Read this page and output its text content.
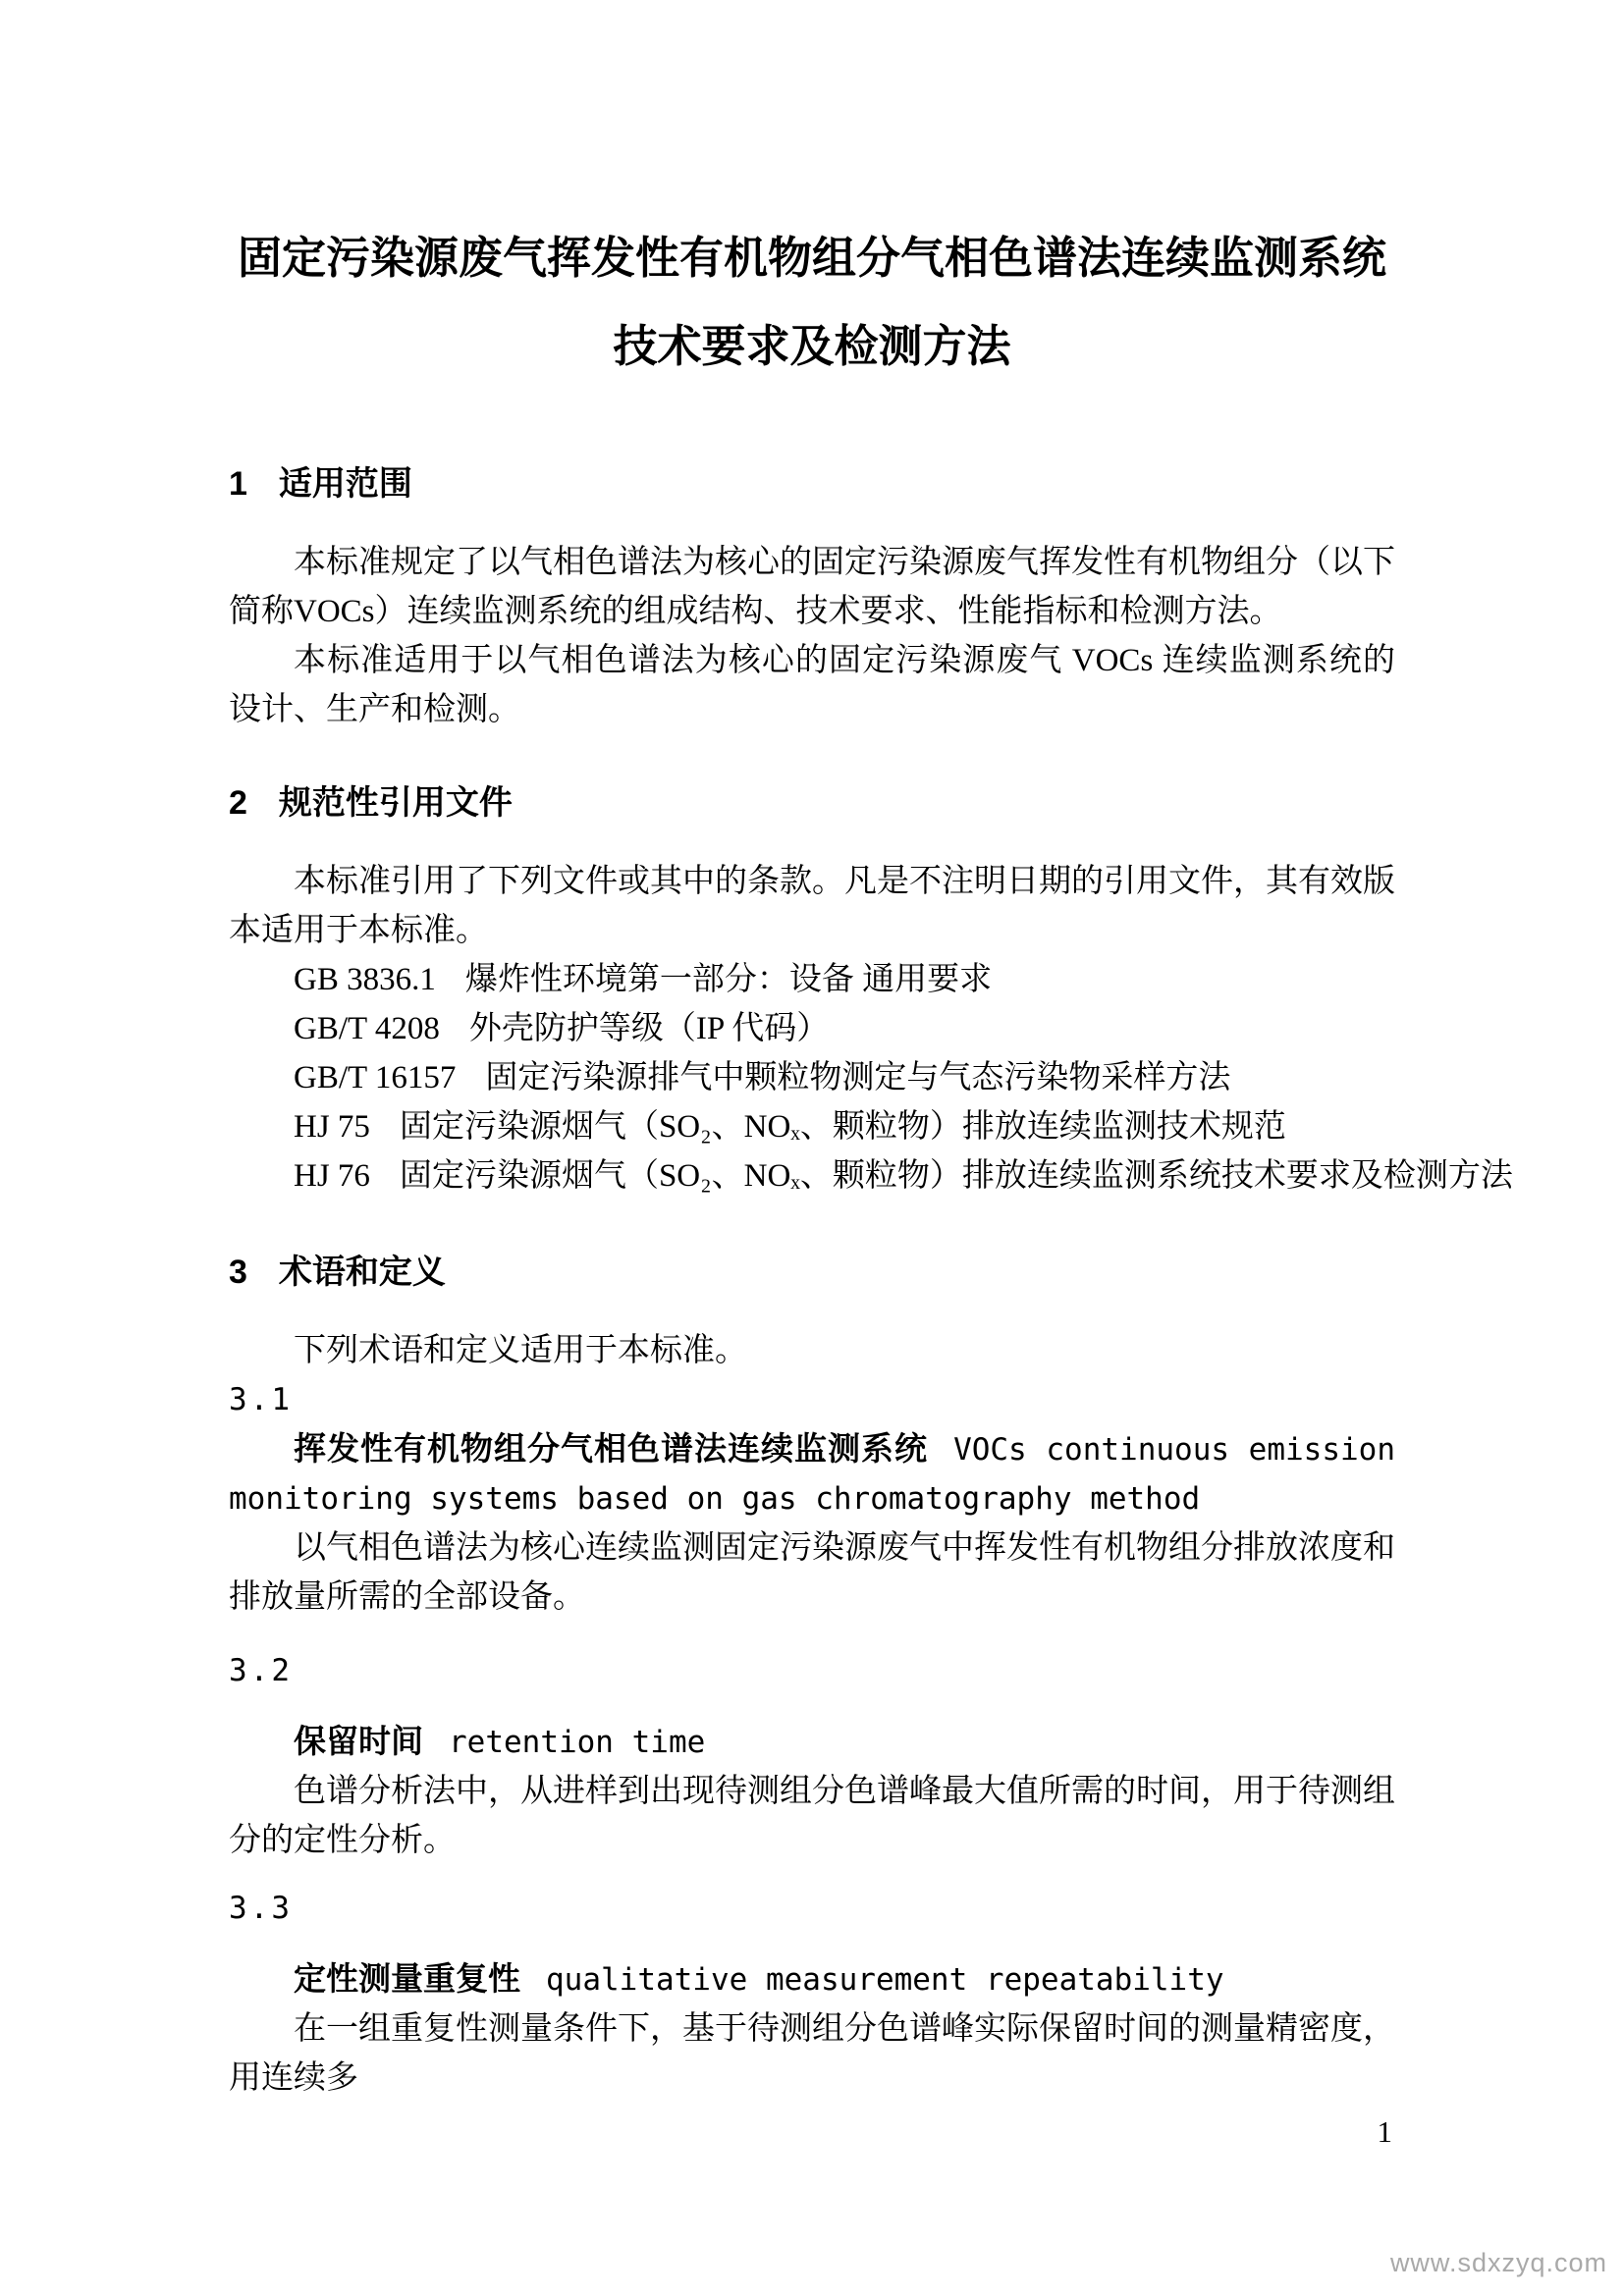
固定污染源废气挥发性有机物组分气相色谱法连续监测系统
技术要求及检测方法
1 适用范围

本标准规定了以气相色谱法为核心的固定污染源废气挥发性有机物组分（以下简称VOCs）连续监测系统的组成结构、技术要求、性能指标和检测方法。

本标准适用于以气相色谱法为核心的固定污染源废气 VOCs 连续监测系统的设计、生产和检测。

2 规范性引用文件

本标准引用了下列文件或其中的条款。凡是不注明日期的引用文件，其有效版本适用于本标准。

GB 3836.1 爆炸性环境第一部分：设备 通用要求
GB/T 4208 外壳防护等级（IP 代码）
GB/T 16157 固定污染源排气中颗粒物测定与气态污染物采样方法
HJ 75 固定污染源烟气（SO₂、NOₓ、颗粒物）排放连续监测技术规范
HJ 76 固定污染源烟气（SO₂、NOₓ、颗粒物）排放连续监测系统技术要求及检测方法
3 术语和定义

下列术语和定义适用于本标准。

3.1

挥发性有机物组分气相色谱法连续监测系统 VOCs continuous emission monitoring systems based on gas chromatography method

以气相色谱法为核心连续监测固定污染源废气中挥发性有机物组分排放浓度和排放量所需的全部设备。

3.2

保留时间 retention time

色谱分析法中，从进样到出现待测组分色谱峰最大值所需的时间，用于待测组分的定性分析。

3.3

定性测量重复性 qualitative measurement repeatability

在一组重复性测量条件下，基于待测组分色谱峰实际保留时间的测量精密度，用连续多

1
www.sdxzyq.com
